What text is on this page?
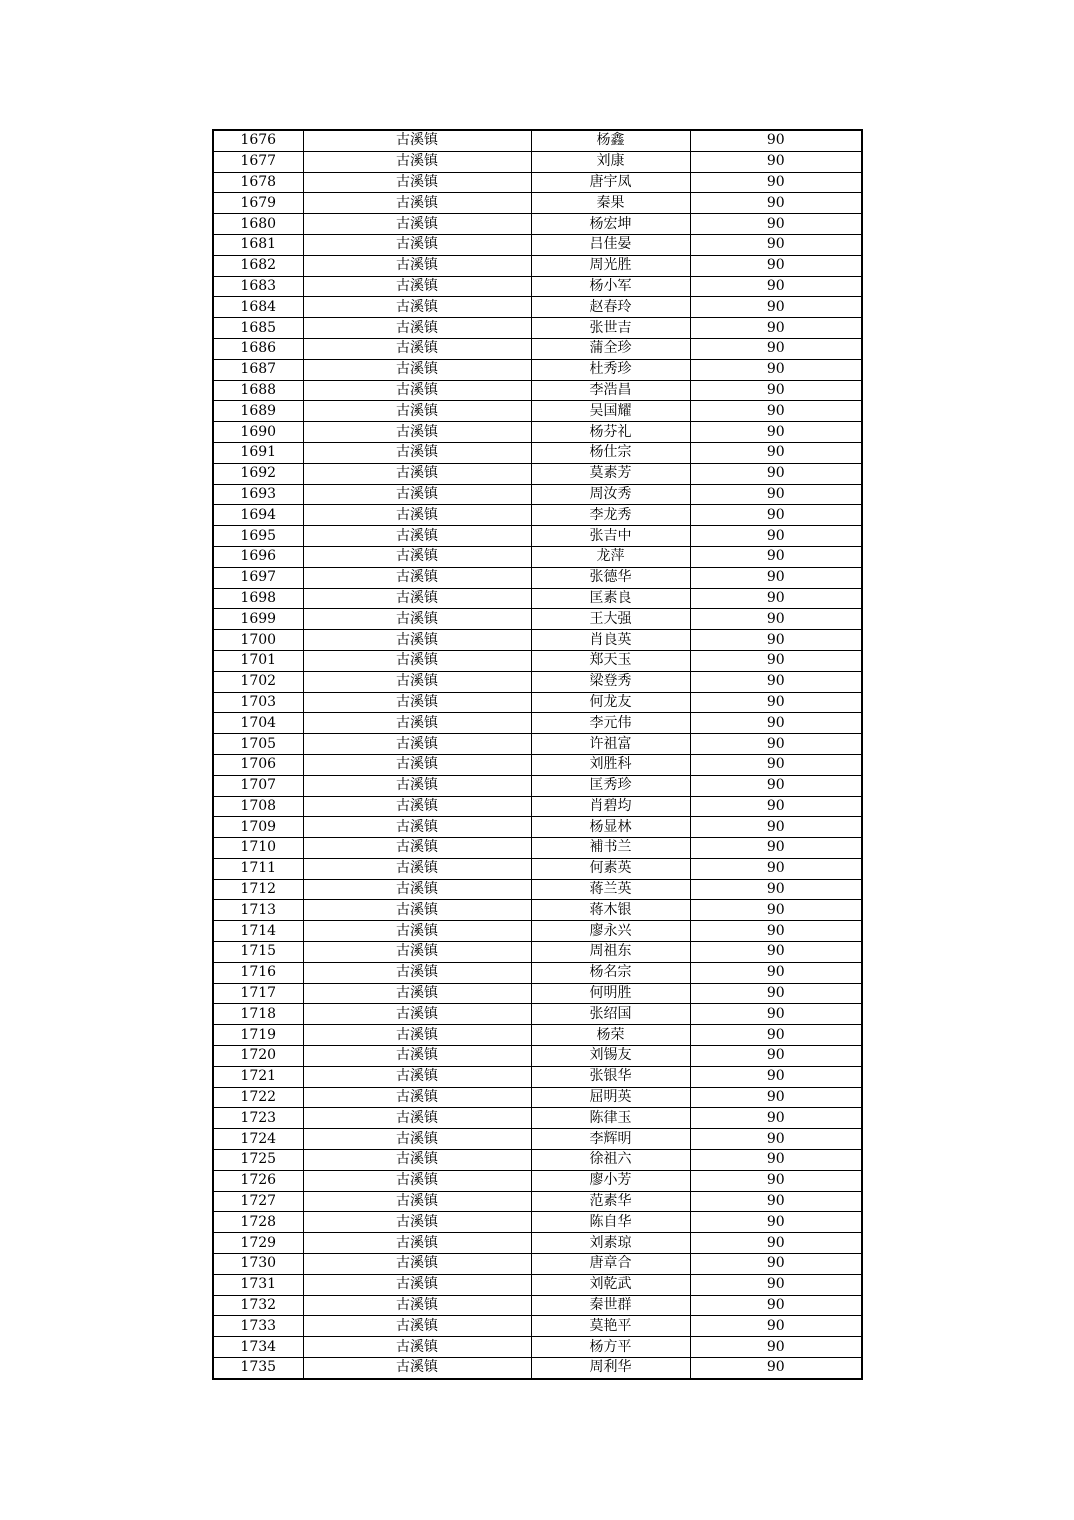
1676	古溪镇	杨鑫	90
1677	古溪镇	刘康	90
1678	古溪镇	唐宇凤	90
1679	古溪镇	秦果	90
1680	古溪镇	杨宏坤	90
1681	古溪镇	吕佳晏	90
1682	古溪镇	周光胜	90
1683	古溪镇	杨小军	90
1684	古溪镇	赵春玲	90
1685	古溪镇	张世吉	90
1686	古溪镇	蒲全珍	90
1687	古溪镇	杜秀珍	90
1688	古溪镇	李浩昌	90
1689	古溪镇	吴国耀	90
1690	古溪镇	杨芬礼	90
1691	古溪镇	杨仕宗	90
1692	古溪镇	莫素芳	90
1693	古溪镇	周汝秀	90
1694	古溪镇	李龙秀	90
1695	古溪镇	张吉中	90
1696	古溪镇	龙萍	90
1697	古溪镇	张德华	90
1698	古溪镇	匡素良	90
1699	古溪镇	王大强	90
1700	古溪镇	肖良英	90
1701	古溪镇	郑天玉	90
1702	古溪镇	梁登秀	90
1703	古溪镇	何龙友	90
1704	古溪镇	李元伟	90
1705	古溪镇	许祖富	90
1706	古溪镇	刘胜科	90
1707	古溪镇	匡秀珍	90
1708	古溪镇	肖碧均	90
1709	古溪镇	杨显林	90
1710	古溪镇	補书兰	90
1711	古溪镇	何素英	90
1712	古溪镇	蒋兰英	90
1713	古溪镇	蒋木银	90
1714	古溪镇	廖永兴	90
1715	古溪镇	周祖东	90
1716	古溪镇	杨名宗	90
1717	古溪镇	何明胜	90
1718	古溪镇	张绍国	90
1719	古溪镇	杨荣	90
1720	古溪镇	刘锡友	90
1721	古溪镇	张银华	90
1722	古溪镇	屈明英	90
1723	古溪镇	陈律玉	90
1724	古溪镇	李辉明	90
1725	古溪镇	徐祖六	90
1726	古溪镇	廖小芳	90
1727	古溪镇	范素华	90
1728	古溪镇	陈自华	90
1729	古溪镇	刘素琼	90
1730	古溪镇	唐章合	90
1731	古溪镇	刘乾武	90
1732	古溪镇	秦世群	90
1733	古溪镇	莫艳平	90
1734	古溪镇	杨方平	90
1735	古溪镇	周利华	90
